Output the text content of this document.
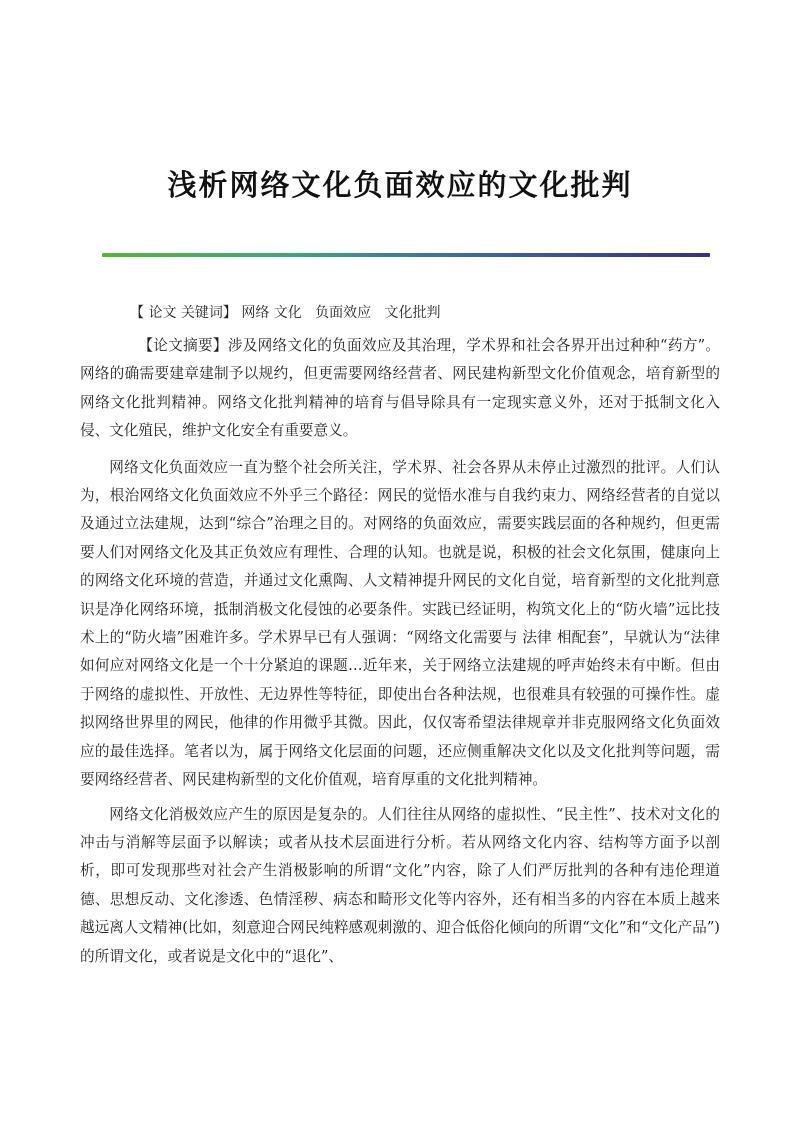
浅析网络文化负面效应的文化批判
【 论文 关键词】 网络 文化   负面效应   文化批判

【论文摘要】涉及网络文化的负面效应及其治理，学术界和社会各界开出过种种“药方”。网络的确需要建章建制予以规约，但更需要网络经营者、网民建构新型文化价值观念，培育新型的网络文化批判精神。网络文化批判精神的培育与倡导除具有一定现实意义外，还对于抵制文化入侵、文化殖民，维护文化安全有重要意义。

网络文化负面效应一直为整个社会所关注，学术界、社会各界从未停止过激烈的批评。人们认为，根治网络文化负面效应不外乎三个路径：网民的觉悟水准与自我约束力、网络经营者的自觉以及通过立法建规，达到“综合”治理之目的。对网络的负面效应，需要实践层面的各种规约，但更需要人们对网络文化及其正负效应有理性、合理的认知。也就是说，积极的社会文化氛围，健康向上的网络文化环境的营造，并通过文化熏陶、人文精神提升网民的文化自觉，培育新型的文化批判意识是净化网络环境，抵制消极文化侵蚀的必要条件。实践已经证明，构筑文化上的“防火墙”远比技术上的“防火墙”困难许多。学术界早已有人强调：“网络文化需要与 法律 相配套”，早就认为“法律如何应对网络文化是一个十分紧迫的课题…近年来，关于网络立法建规的呼声始终未有中断。但由于网络的虚拟性、开放性、无边界性等特征，即使出台各种法规，也很难具有较强的可操作性。虚拟网络世界里的网民，他律的作用微乎其微。因此，仅仅寄希望法律规章并非克服网络文化负面效应的最佳选择。笔者以为，属于网络文化层面的问题，还应侧重解决文化以及文化批判等问题，需要网络经营者、网民建构新型的文化价值观，培育厚重的文化批判精神。

网络文化消极效应产生的原因是复杂的。人们往往从网络的虚拟性、“民主性”、技术对文化的冲击与消解等层面予以解读；或者从技术层面进行分析。若从网络文化内容、结构等方面予以剖析，即可发现那些对社会产生消极影响的所谓“文化”内容，除了人们严厉批判的各种有违伦理道德、思想反动、文化渗透、色情淫秽、病态和畸形文化等内容外，还有相当多的内容在本质上越来越远离人文精神(比如，刻意迎合网民纯粹感观刺激的、迎合低俗化倾向的所谓“文化”和“文化产品”)的所谓文化，或者说是文化中的“退化”、
